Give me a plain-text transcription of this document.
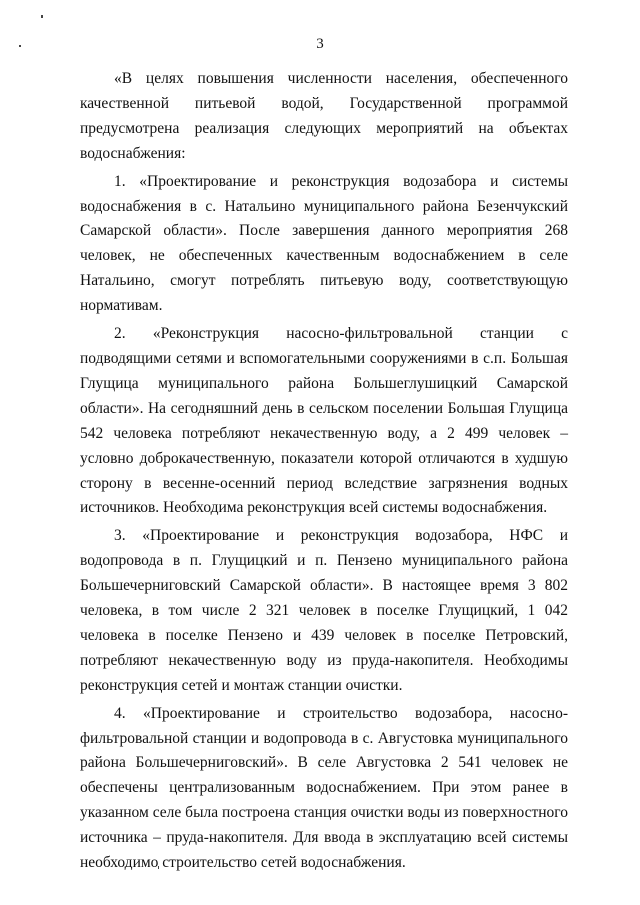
3

«В целях повышения численности населения, обеспеченного качественной питьевой водой, Государственной программой предусмотрена реализация следующих мероприятий на объектах водоснабжения:

1. «Проектирование и реконструкция водозабора и системы водоснабжения в с. Натальино муниципального района Безенчукский Самарской области». После завершения данного мероприятия 268 человек, не обеспеченных качественным водоснабжением в селе Натальино, смогут потреблять питьевую воду, соответствующую нормативам.

2. «Реконструкция насосно-фильтровальной станции с подводящими сетями и вспомогательными сооружениями в с.п. Большая Глущица муниципального района Большеглушицкий Самарской области». На сегодняшний день в сельском поселении Большая Глущица 542 человека потребляют некачественную воду, а 2 499 человек – условно доброкачественную, показатели которой отличаются в худшую сторону в весенне-осенний период вследствие загрязнения водных источников. Необходима реконструкция всей системы водоснабжения.

3. «Проектирование и реконструкция водозабора, НФС и водопровода в п. Глущицкий и п. Пензено муниципального района Большечерниговский Самарской области». В настоящее время 3 802 человека, в том числе 2 321 человек в поселке Глущицкий, 1 042 человека в поселке Пензено и 439 человек в поселке Петровский, потребляют некачественную воду из пруда-накопителя. Необходимы реконструкция сетей и монтаж станции очистки.

4. «Проектирование и строительство водозабора, насосно-фильтровальной станции и водопровода в с. Августовка муниципального района Большечерниговский». В селе Августовка 2 541 человек не обеспечены централизованным водоснабжением. При этом ранее в указанном селе была построена станция очистки воды из поверхностного источника – пруда-накопителя. Для ввода в эксплуатацию всей системы необходимо строительство сетей водоснабжения.
